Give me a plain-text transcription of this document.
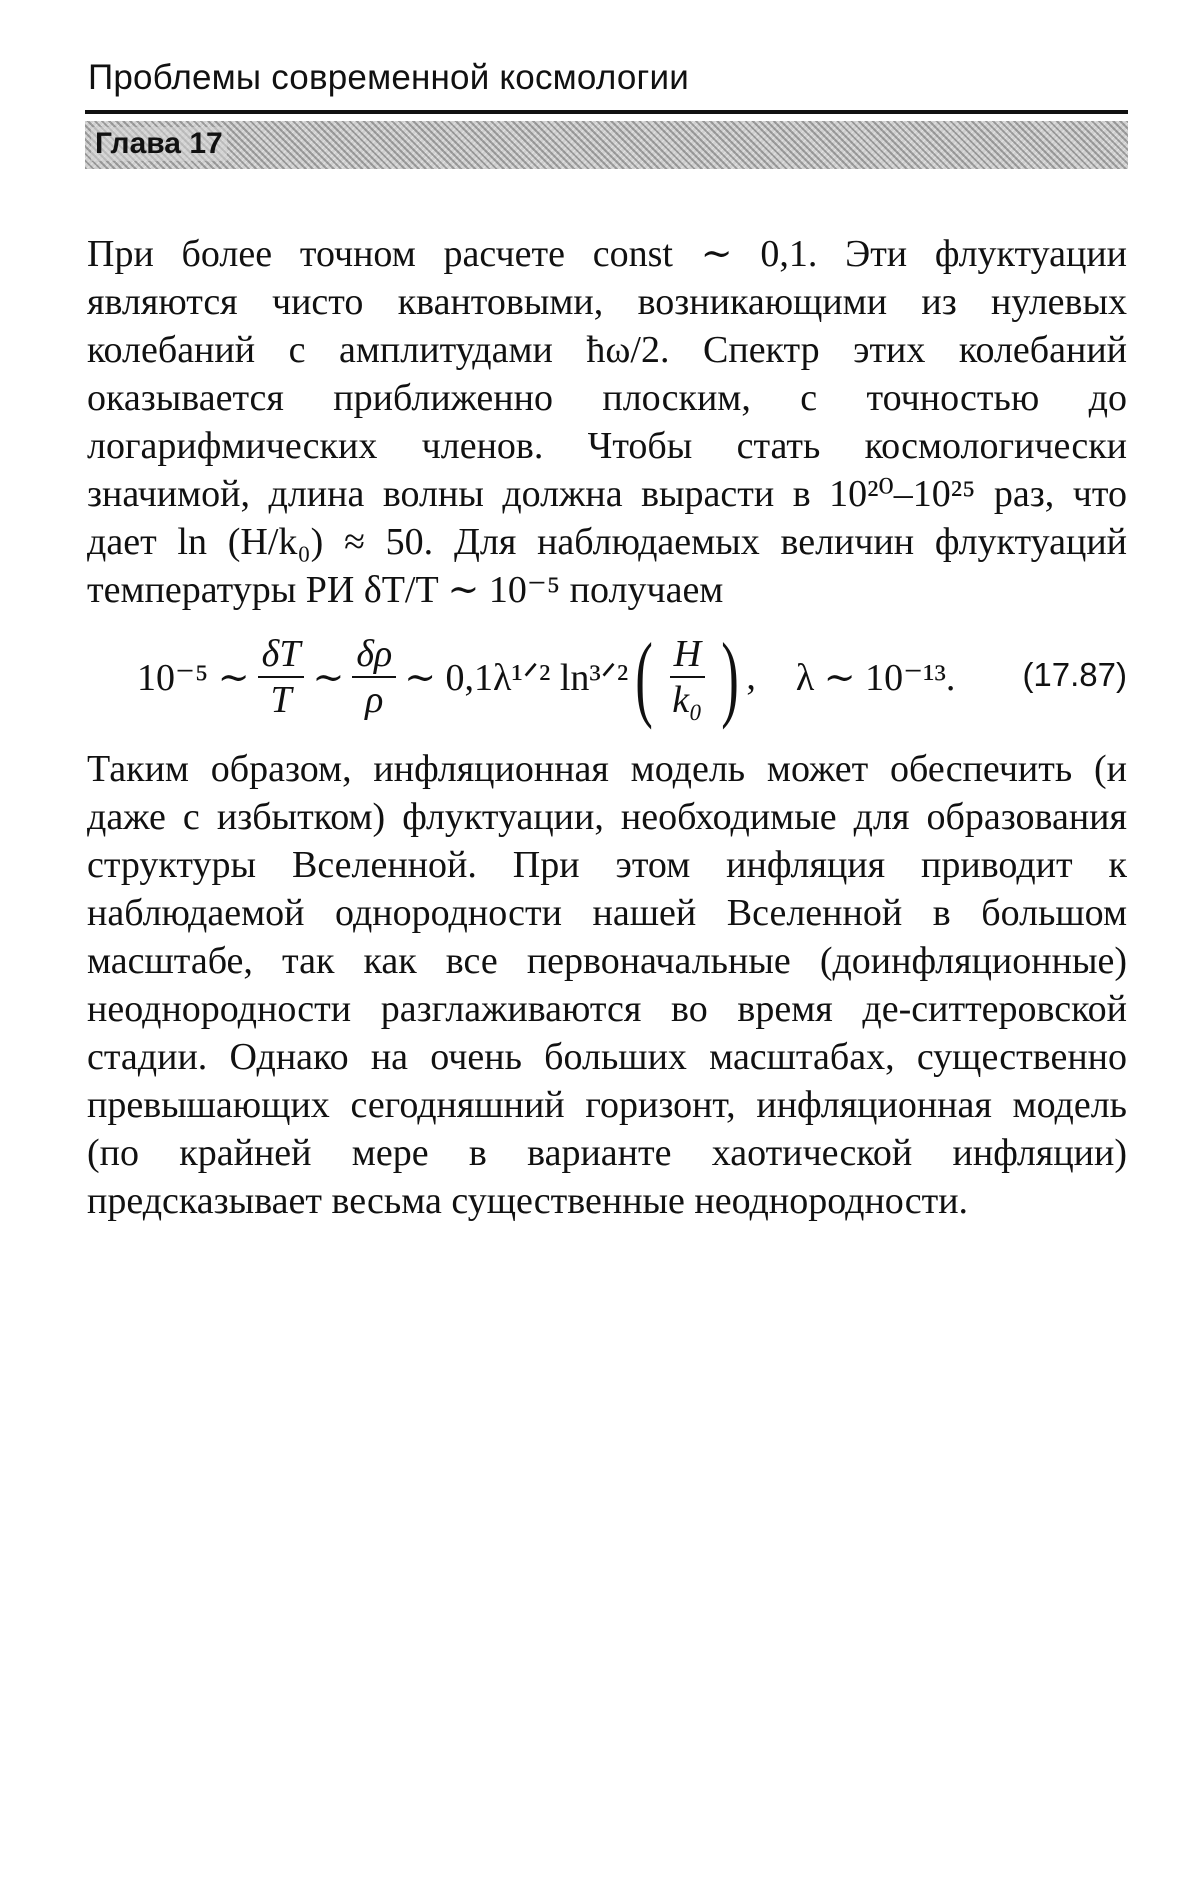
Проблемы современной космологии
Глава 17
При более точном расчете const ∼ 0,1. Эти флуктуации являются чисто квантовыми, возникающими из нулевых колебаний с амплитудами ħω/2. Спектр этих колебаний оказывается приближенно плоским, с точностью до логарифмических членов. Чтобы стать космологически значимой, длина волны должна вырасти в 10²⁰–10²⁵ раз, что дает ln (H/k₀) ≈ 50. Для наблюдаемых величин флуктуаций температуры РИ δT/T ∼ 10⁻⁵ получаем
10⁻⁵ ∼ $\frac{\delta T}{T}$ ∼ $\frac{\delta\rho}{\rho}$ ∼ 0,1λ¹ᐟ² ln³ᐟ² ( $\frac{H}{\text{k₀}}$ ) , λ ∼ 10⁻¹³. (17.87)
Таким образом, инфляционная модель может обеспечить (и даже с избытком) флуктуации, необходимые для образования структуры Вселенной. При этом инфляция приводит к наблюдаемой однородности нашей Вселенной в большом масштабе, так как все первоначальные (доинфляционные) неоднородности разглаживаются во время де-ситтеровской стадии. Однако на очень больших масштабах, существенно превышающих сегодняшний горизонт, инфляционная модель (по крайней мере в варианте хаотической инфляции) предсказывает весьма существенные неоднородности.
